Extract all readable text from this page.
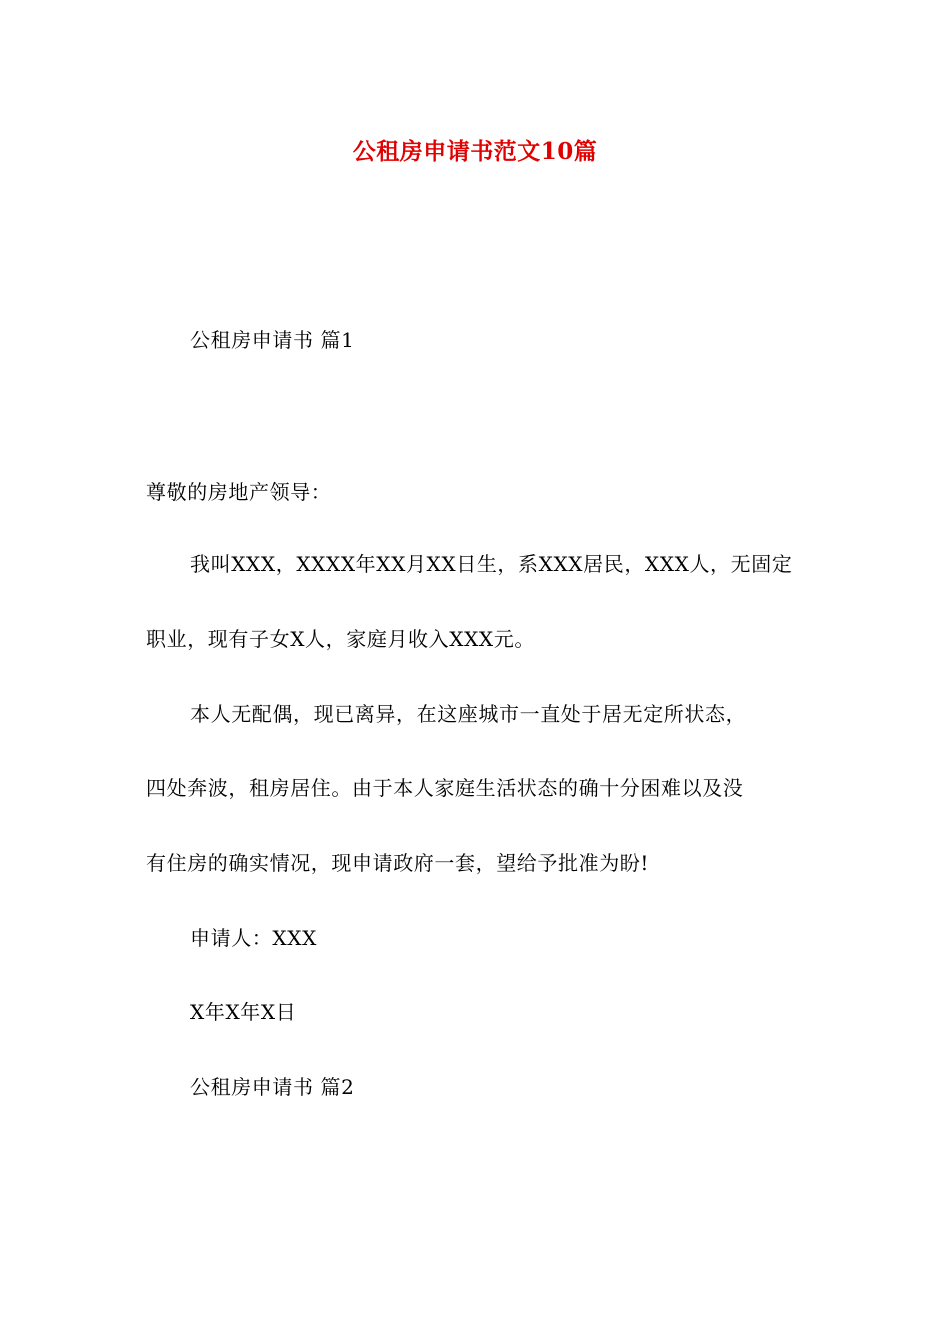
公租房申请书范文10篇
公租房申请书 篇1
尊敬的房地产领导：
我叫XXX，XXXX年XX月XX日生，系XXX居民，XXX人，无固定
职业，现有子女X人，家庭月收入XXX元。
本人无配偶，现已离异，在这座城市一直处于居无定所状态，
四处奔波，租房居住。由于本人家庭生活状态的确十分困难以及没
有住房的确实情况，现申请政府一套，望给予批准为盼!
申请人：XXX
X年X年X日
公租房申请书 篇2
